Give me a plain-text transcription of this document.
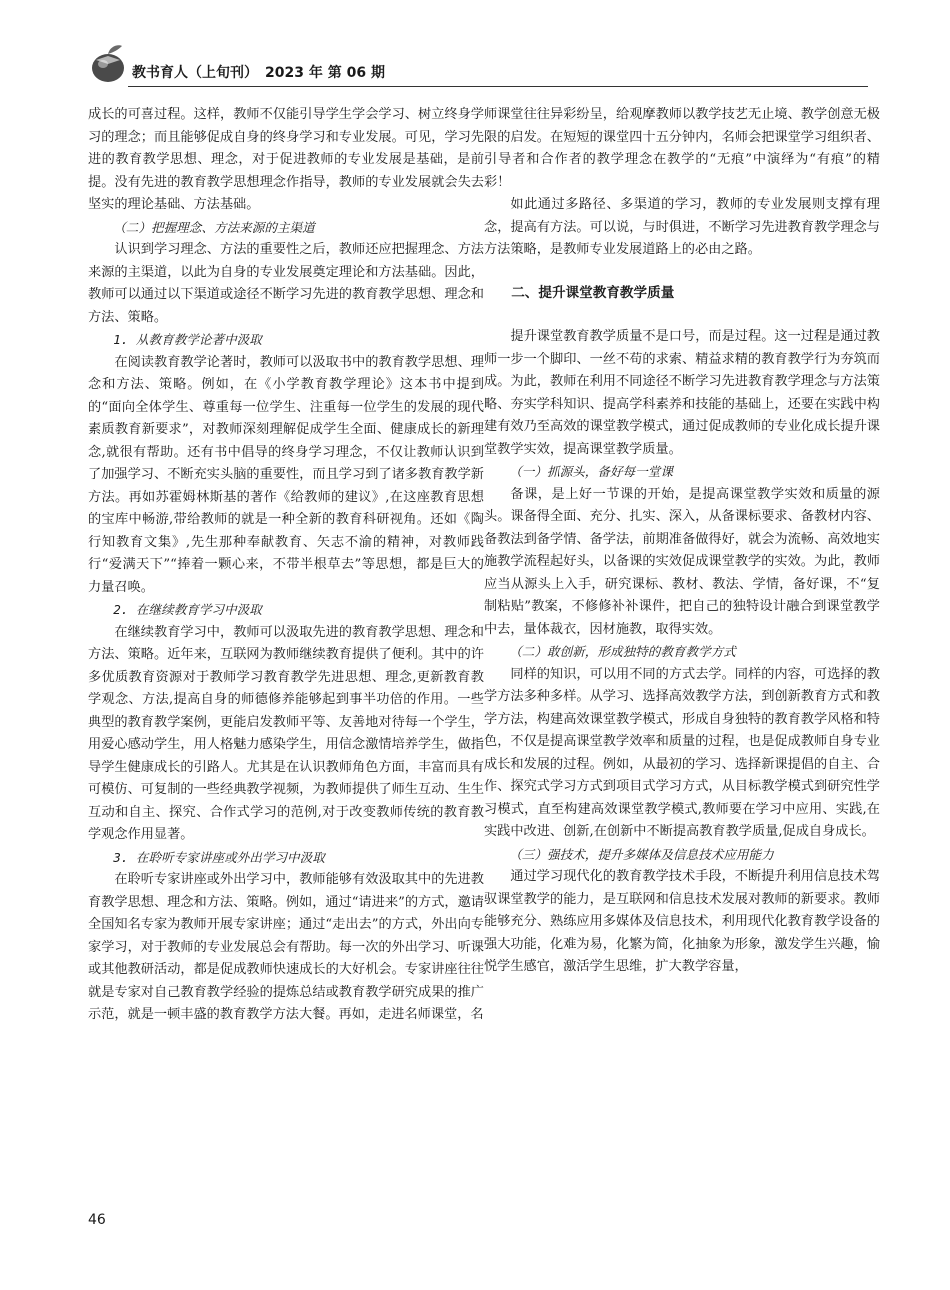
教书育人（上旬刊）　2023 年 第 06 期

成长的可喜过程。这样，教师不仅能引导学生学会学习、树立终身学习的理念；而且能够促成自身的终身学习和专业发展。可见，学习先进的教育教学思想、理念，对于促进教师的专业发展是基础，是前提。没有先进的教育教学思想理念作指导，教师的专业发展就会失去坚实的理论基础、方法基础。

（二）把握理念、方法来源的主渠道

认识到学习理念、方法的重要性之后，教师还应把握理念、方法来源的主渠道，以此为自身的专业发展奠定理论和方法基础。因此，教师可以通过以下渠道或途径不断学习先进的教育教学思想、理念和方法、策略。

1. 从教育教学论著中汲取

在阅读教育教学论著时，教师可以汲取书中的教育教学思想、理念和方法、策略。例如，在《小学教育教学理论》这本书中提到的“面向全体学生、尊重每一位学生、注重每一位学生的发展的现代素质教育新要求”，对教师深刻理解促成学生全面、健康成长的新理念,就很有帮助。还有书中倡导的终身学习理念，不仅让教师认识到了加强学习、不断充实头脑的重要性，而且学习到了诸多教育教学新方法。再如苏霍姆林斯基的著作《给教师的建议》,在这座教育思想的宝库中畅游,带给教师的就是一种全新的教育科研视角。还如《陶行知教育文集》,先生那种奉献教育、矢志不渝的精神，对教师践行“爱满天下”“捧着一颗心来，不带半根草去”等思想，都是巨大的力量召唤。

2. 在继续教育学习中汲取

在继续教育学习中，教师可以汲取先进的教育教学思想、理念和方法、策略。近年来，互联网为教师继续教育提供了便利。其中的许多优质教育资源对于教师学习教育教学先进思想、理念,更新教育教学观念、方法,提高自身的师德修养能够起到事半功倍的作用。一些典型的教育教学案例，更能启发教师平等、友善地对待每一个学生，用爱心感动学生，用人格魅力感染学生，用信念激情培养学生，做指导学生健康成长的引路人。尤其是在认识教师角色方面，丰富而具有可模仿、可复制的一些经典教学视频，为教师提供了师生互动、生生互动和自主、探究、合作式学习的范例,对于改变教师传统的教育教学观念作用显著。

3. 在聆听专家讲座或外出学习中汲取

在聆听专家讲座或外出学习中，教师能够有效汲取其中的先进教育教学思想、理念和方法、策略。例如，通过“请进来”的方式，邀请全国知名专家为教师开展专家讲座；通过“走出去”的方式，外出向专家学习，对于教师的专业发展总会有帮助。每一次的外出学习、听课或其他教研活动，都是促成教师快速成长的大好机会。专家讲座往往就是专家对自己教育教学经验的提炼总结或教育教学研究成果的推广示范，就是一顿丰盛的教育教学方法大餐。再如，走进名师课堂，名

师课堂往往异彩纷呈，给观摩教师以教学技艺无止境、教学创意无极限的启发。在短短的课堂四十五分钟内，名师会把课堂学习组织者、引导者和合作者的教学理念在教学的“无痕”中演绎为“有痕”的精彩！

如此通过多路径、多渠道的学习，教师的专业发展则支撑有理念，提高有方法。可以说，与时俱进，不断学习先进教育教学理念与方法策略，是教师专业发展道路上的必由之路。

二、提升课堂教育教学质量

提升课堂教育教学质量不是口号，而是过程。这一过程是通过教师一步一个脚印、一丝不苟的求索、精益求精的教育教学行为夯筑而成。为此，教师在利用不同途径不断学习先进教育教学理念与方法策略、夯实学科知识、提高学科素养和技能的基础上，还要在实践中构建有效乃至高效的课堂教学模式，通过促成教师的专业化成长提升课堂教学实效，提高课堂教学质量。

（一）抓源头，备好每一堂课

备课，是上好一节课的开始，是提高课堂教学实效和质量的源头。课备得全面、充分、扎实、深入，从备课标要求、备教材内容、备教法到备学情、备学法，前期准备做得好，就会为流畅、高效地实施教学流程起好头，以备课的实效促成课堂教学的实效。为此，教师应当从源头上入手，研究课标、教材、教法、学情，备好课，不“复制粘贴”教案，不修修补补课件，把自己的独特设计融合到课堂教学中去，量体裁衣，因材施教，取得实效。

（二）敢创新，形成独特的教育教学方式

同样的知识，可以用不同的方式去学。同样的内容，可选择的教学方法多种多样。从学习、选择高效教学方法，到创新教育方式和教学方法，构建高效课堂教学模式，形成自身独特的教育教学风格和特色，不仅是提高课堂教学效率和质量的过程，也是促成教师自身专业成长和发展的过程。例如，从最初的学习、选择新课提倡的自主、合作、探究式学习方式到项目式学习方式，从目标教学模式到研究性学习模式，直至构建高效课堂教学模式,教师要在学习中应用、实践,在实践中改进、创新,在创新中不断提高教育教学质量,促成自身成长。

（三）强技术，提升多媒体及信息技术应用能力

通过学习现代化的教育教学技术手段，不断提升利用信息技术驾驭课堂教学的能力，是互联网和信息技术发展对教师的新要求。教师能够充分、熟练应用多媒体及信息技术，利用现代化教育教学设备的强大功能，化难为易，化繁为简，化抽象为形象，激发学生兴趣，愉悦学生感官，激活学生思维，扩大教学容量，

46
